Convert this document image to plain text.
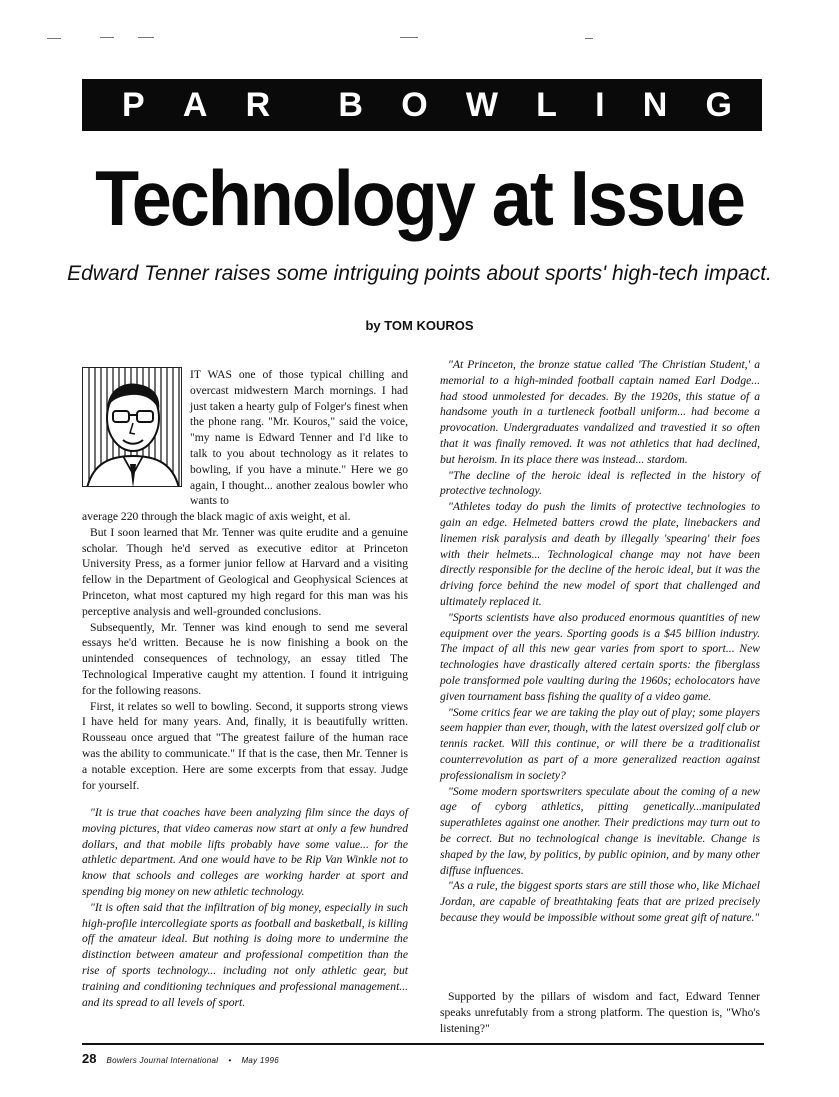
P A R B O W L I N G
Technology at Issue
Edward Tenner raises some intriguing points about sports' high-tech impact.
by TOM KOUROS

IT WAS one of those typical chilling and overcast midwestern March mornings. I had just taken a hearty gulp of Folger's finest when the phone rang. "Mr. Kouros," said the voice, "my name is Edward Tenner and I'd like to talk to you about technology as it relates to bowling, if you have a minute." Here we go again, I thought... another zealous bowler who wants to

average 220 through the black magic of axis weight, et al.

But I soon learned that Mr. Tenner was quite erudite and a genuine scholar. Though he'd served as executive editor at Princeton University Press, as a former junior fellow at Harvard and a visiting fellow in the Department of Geological and Geophysical Sciences at Princeton, what most captured my high regard for this man was his perceptive analysis and well-grounded conclusions.

Subsequently, Mr. Tenner was kind enough to send me several essays he'd written. Because he is now finishing a book on the unintended consequences of technology, an essay titled The Technological Imperative caught my attention. I found it intriguing for the following reasons.

First, it relates so well to bowling. Second, it supports strong views I have held for many years. And, finally, it is beautifully written. Rousseau once argued that "The greatest failure of the human race was the ability to communicate." If that is the case, then Mr. Tenner is a notable exception. Here are some excerpts from that essay. Judge for yourself.

"It is true that coaches have been analyzing film since the days of moving pictures, that video cameras now start at only a few hundred dollars, and that mobile lifts probably have some value... for the athletic department. And one would have to be Rip Van Winkle not to know that schools and colleges are working harder at sport and spending big money on new athletic technology.

"It is often said that the infiltration of big money, especially in such high-profile intercollegiate sports as football and basketball, is killing off the amateur ideal. But nothing is doing more to undermine the distinction between amateur and professional competition than the rise of sports technology... including not only athletic gear, but training and conditioning techniques and professional management... and its spread to all levels of sport.

"At Princeton, the bronze statue called 'The Christian Student,' a memorial to a high-minded football captain named Earl Dodge... had stood unmolested for decades. By the 1920s, this statue of a handsome youth in a turtleneck football uniform... had become a provocation. Undergraduates vandalized and travestied it so often that it was finally removed. It was not athletics that had declined, but heroism. In its place there was instead... stardom.

"The decline of the heroic ideal is reflected in the history of protective technology.

"Athletes today do push the limits of protective technologies to gain an edge. Helmeted batters crowd the plate, linebackers and linemen risk paralysis and death by illegally 'spearing' their foes with their helmets... Technological change may not have been directly responsible for the decline of the heroic ideal, but it was the driving force behind the new model of sport that challenged and ultimately replaced it.

"Sports scientists have also produced enormous quantities of new equipment over the years. Sporting goods is a $45 billion industry. The impact of all this new gear varies from sport to sport... New technologies have drastically altered certain sports: the fiberglass pole transformed pole vaulting during the 1960s; echolocators have given tournament bass fishing the quality of a video game.

"Some critics fear we are taking the play out of play; some players seem happier than ever, though, with the latest oversized golf club or tennis racket. Will this continue, or will there be a traditionalist counterrevolution as part of a more generalized reaction against professionalism in society?

"Some modern sportswriters speculate about the coming of a new age of cyborg athletics, pitting genetically...manipulated superathletes against one another. Their predictions may turn out to be correct. But no technological change is inevitable. Change is shaped by the law, by politics, by public opinion, and by many other diffuse influences.

"As a rule, the biggest sports stars are still those who, like Michael Jordan, are capable of breathtaking feats that are prized precisely because they would be impossible without some great gift of nature."

Supported by the pillars of wisdom and fact, Edward Tenner speaks unrefutably from a strong platform. The question is, "Who's listening?"

28 Bowlers Journal International • May 1996
